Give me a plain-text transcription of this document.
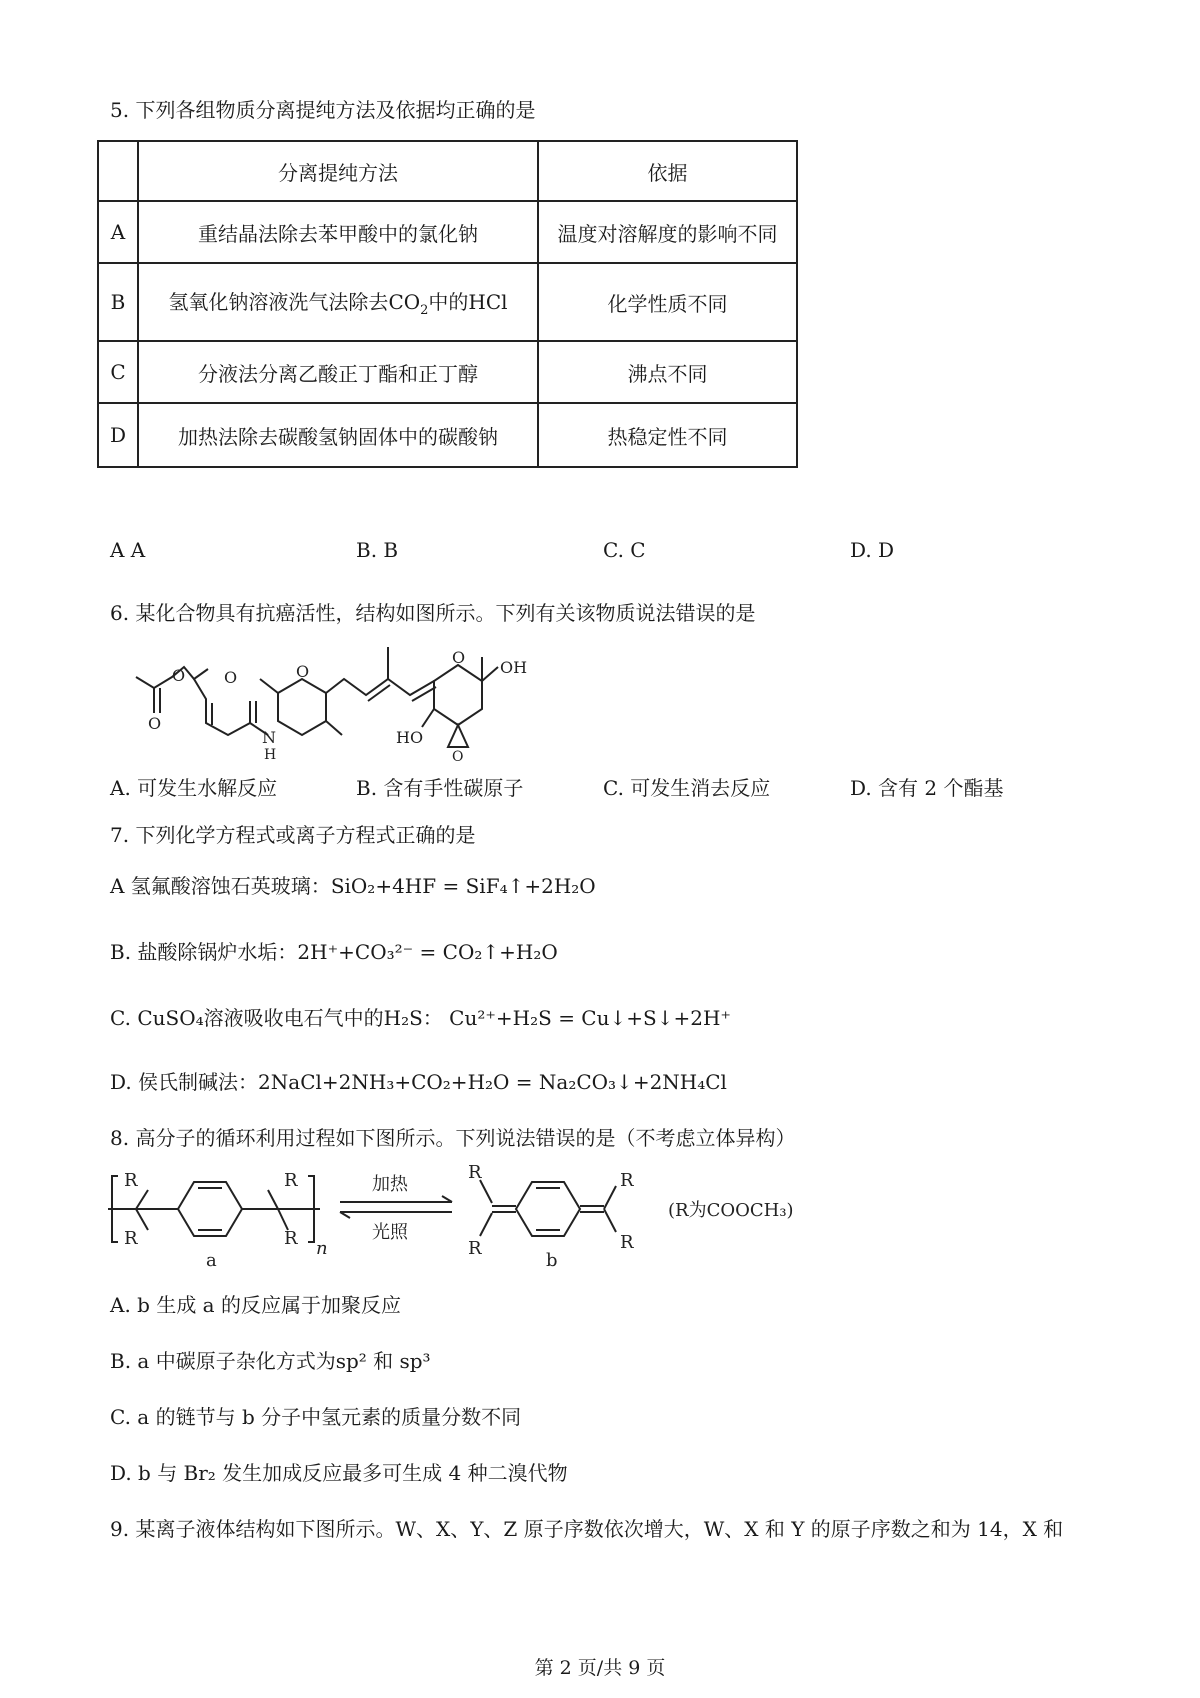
5. 下列各组物质分离提纯方法及依据均正确的是
	分离提纯方法	依据
A	重结晶法除去苯甲酸中的氯化钠	温度对溶解度的影响不同
B	氢氧化钠溶液洗气法除去$CO_2$中的HCl	化学性质不同
C	分液法分离乙酸正丁酯和正丁醇	沸点不同
D	加热法除去碳酸氢钠固体中的碳酸钠	热稳定性不同
A A	B. B	C. C	D. D
6. 某化合物具有抗癌活性，结构如图所示。下列有关该物质说法错误的是
O	O
O
O
O
N
H
OH
HO
O
A. 可发生水解反应	B. 含有手性碳原子	C. 可发生消去反应	D. 含有 2 个酯基
7. 下列化学方程式或离子方程式正确的是
A 氢氟酸溶蚀石英玻璃：SiO₂+4HF = SiF₄↑+2H₂O
B. 盐酸除锅炉水垢：2H⁺+CO₃²⁻ = CO₂↑+H₂O
C. CuSO₄溶液吸收电石气中的H₂S： Cu²⁺+H₂S = Cu↓+S↓+2H⁺
D. 侯氏制碱法：2NaCl+2NH₃+CO₂+H₂O = Na₂CO₃↓+2NH₄Cl
8. 高分子的循环利用过程如下图所示。下列说法错误的是（不考虑立体异构）
R
R
R
R n
加热
光照
R
R
R
R
(R为COOCH₃)
a	b
A. b 生成 a 的反应属于加聚反应
B. a 中碳原子杂化方式为sp² 和 sp³
C. a 的链节与 b 分子中氢元素的质量分数不同
D. b 与 Br₂ 发生加成反应最多可生成 4 种二溴代物
9. 某离子液体结构如下图所示。W、X、Y、Z 原子序数依次增大，W、X 和 Y 的原子序数之和为 14，X 和
第 2 页/共 9 页
